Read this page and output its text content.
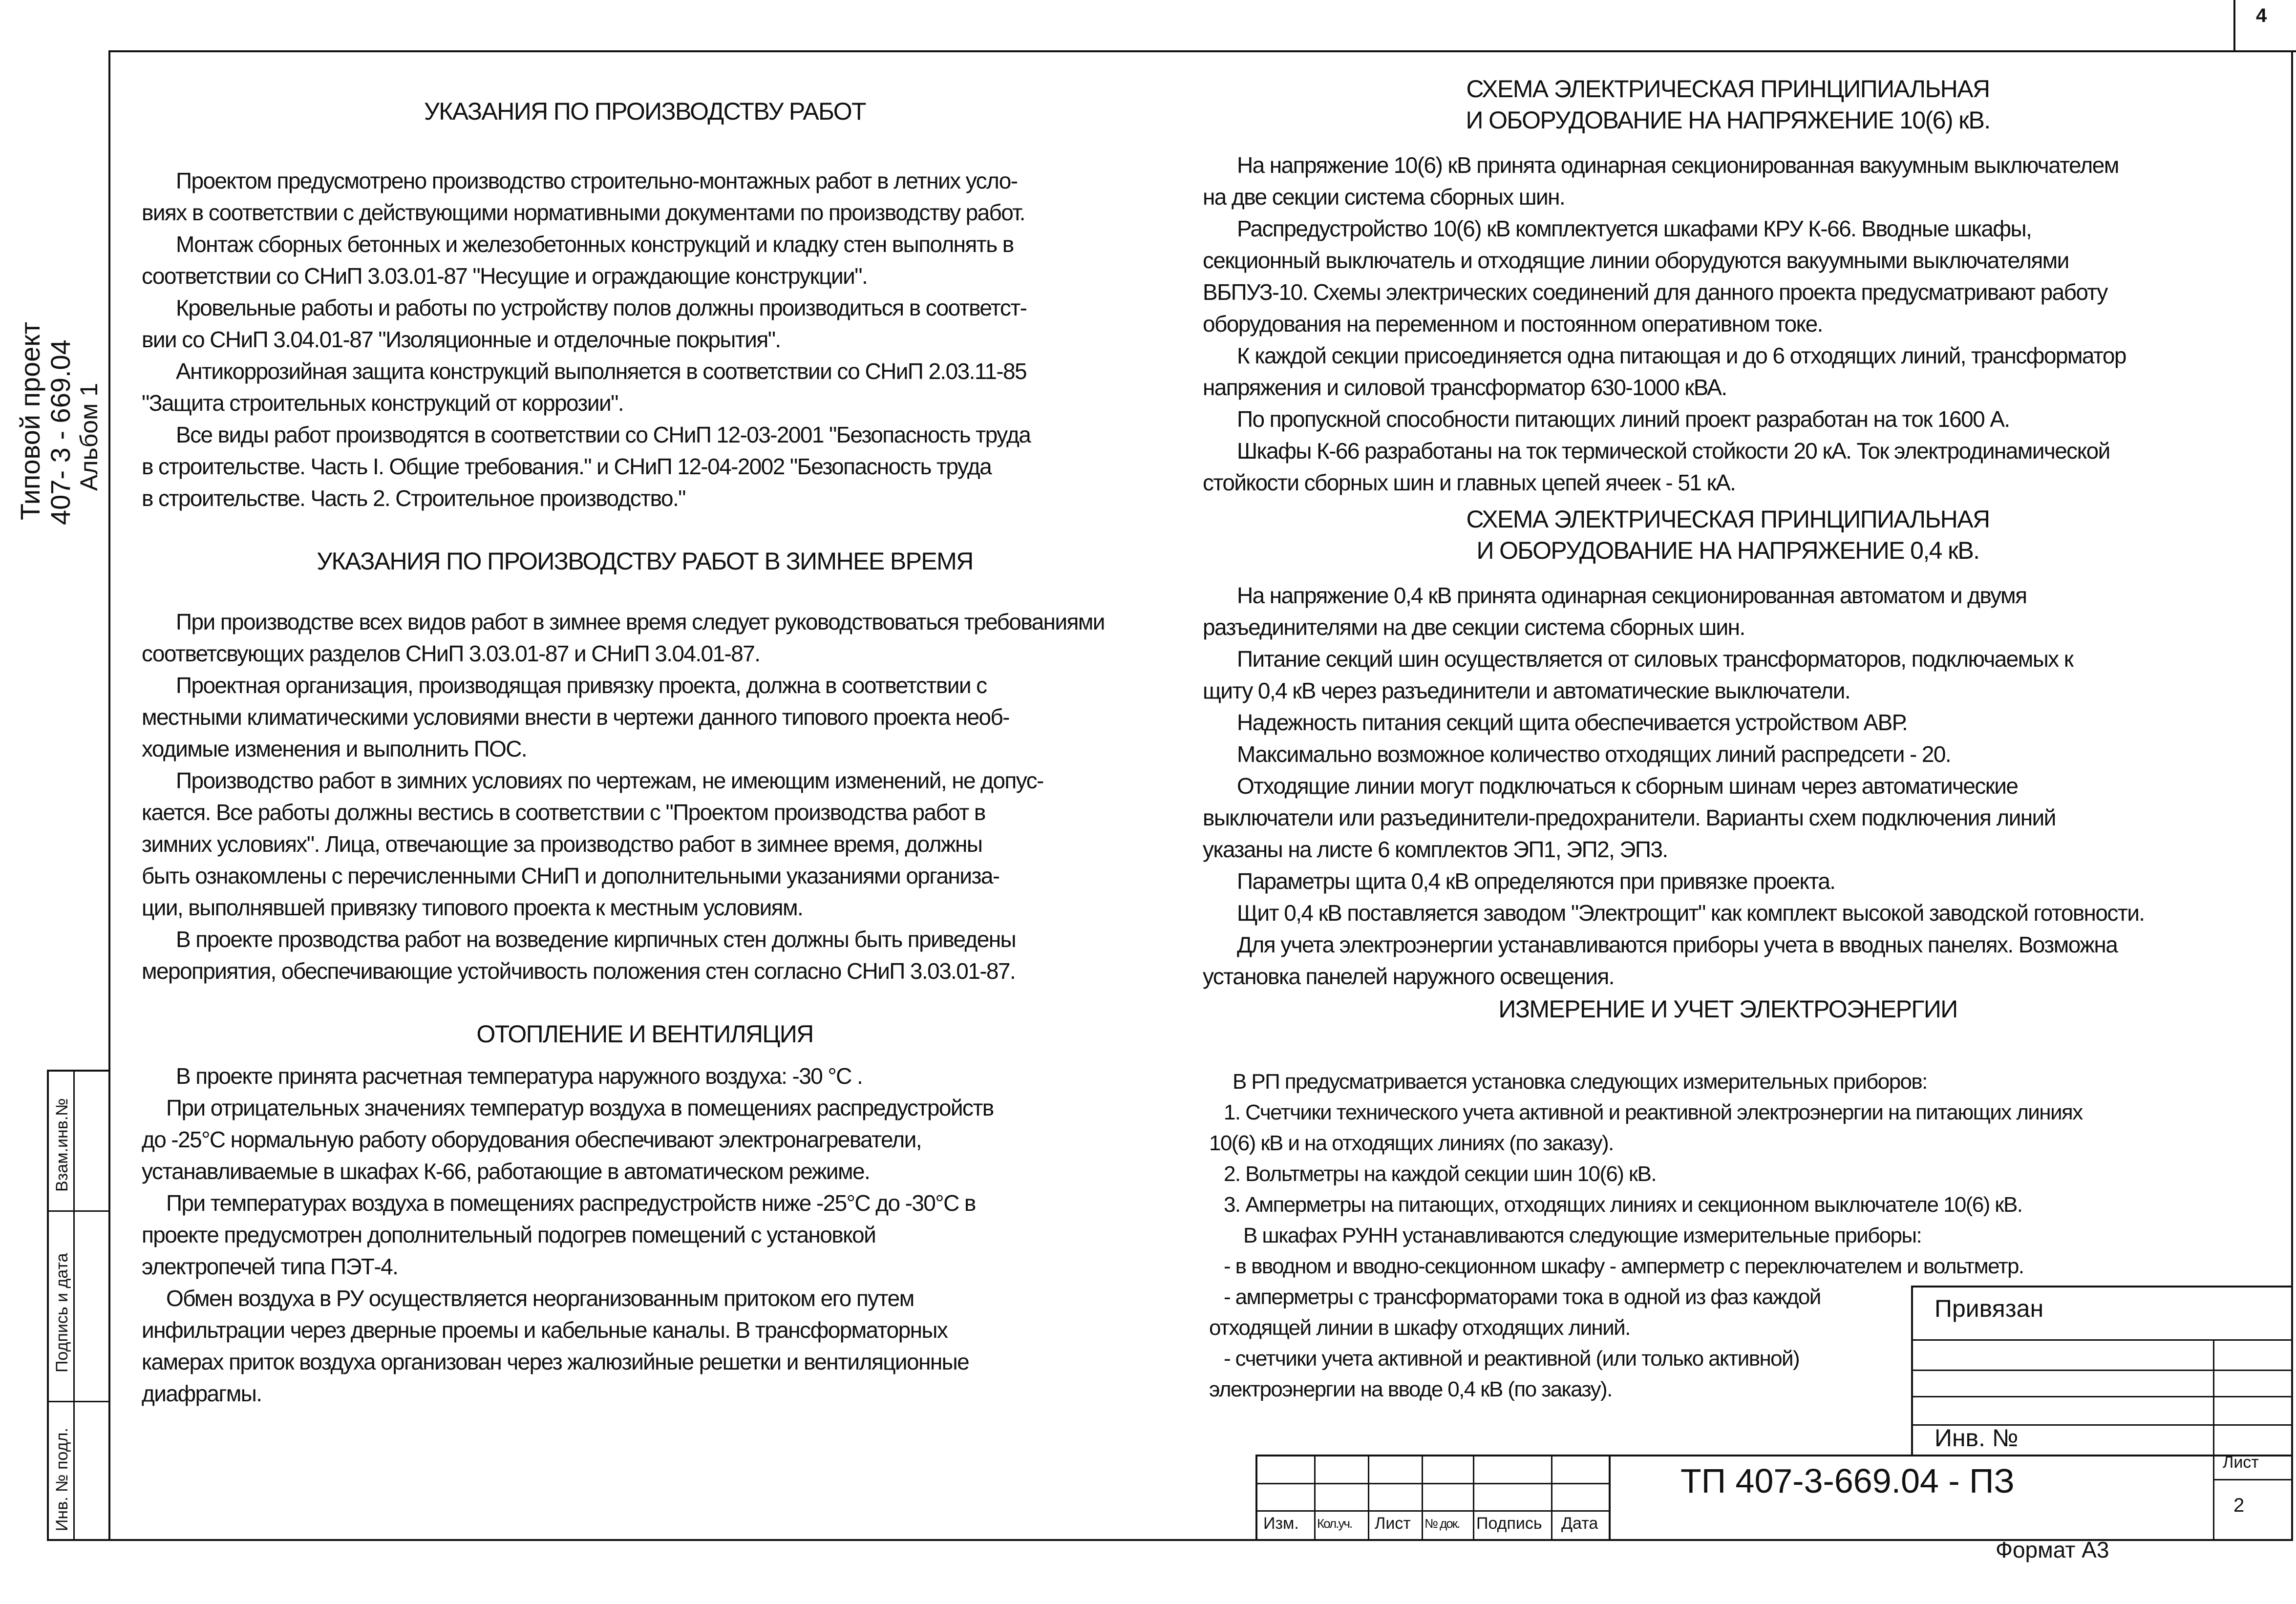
4
Взам.инв.№
Подпись и дата
Инв. № подл.
Типовой проект 407- 3 - 669.04 Альбом 1

УКАЗАНИЯ ПО ПРОИЗВОДСТВУ РАБОТ

Проектом предусмотрено производство строительно-монтажных работ в летних усло-

виях в соответствии с действующими нормативными документами по производству работ.

Монтаж сборных бетонных и железобетонных конструкций и кладку стен выполнять в

соответствии со СНиП 3.03.01-87 "Несущие и ограждающие конструкции".

Кровельные работы и работы по устройству полов должны производиться в соответст-

вии со СНиП 3.04.01-87 "Изоляционные и отделочные покрытия".

Антикоррозийная защита конструкций выполняется в соответствии со СНиП 2.03.11-85

"Защита строительных конструкций от коррозии".

Все виды работ производятся в соответствии со СНиП 12-03-2001 "Безопасность труда

в строительстве. Часть I. Общие требования." и СНиП 12-04-2002 "Безопасность труда

в строительстве. Часть 2. Строительное производство."

УКАЗАНИЯ ПО ПРОИЗВОДСТВУ РАБОТ В ЗИМНЕЕ ВРЕМЯ

При производстве всех видов работ в зимнее время следует руководствоваться требованиями

соответсвующих разделов СНиП 3.03.01-87 и СНиП 3.04.01-87.

Проектная организация, производящая привязку проекта, должна в соответствии с

местными климатическими условиями внести в чертежи данного типового проекта необ-

ходимые изменения и выполнить ПОС.

Производство работ в зимних условиях по чертежам, не имеющим изменений, не допус-

кается. Все работы должны вестись в соответствии с "Проектом производства работ в

зимних условиях". Лица, отвечающие за производство работ в зимнее время, должны

быть ознакомлены с перечисленными СНиП и дополнительными указаниями организа-

ции, выполнявшей привязку типового проекта к местным условиям.

В проекте прозводства работ на возведение кирпичных стен должны быть приведены

мероприятия, обеспечивающие устойчивость положения стен согласно СНиП 3.03.01-87.

ОТОПЛЕНИЕ И ВЕНТИЛЯЦИЯ

В проекте принята расчетная температура наружного воздуха: -30 °С .

При отрицательных значениях температур воздуха в помещениях распредустройств

до -25°С нормальную работу оборудования обеспечивают электронагреватели,

устанавливаемые в шкафах К-66, работающие в автоматическом режиме.

При температурах воздуха в помещениях распредустройств ниже -25°С до -30°С в

проекте предусмотрен дополнительный подогрев помещений с установкой

электропечей типа ПЭТ-4.

Обмен воздуха в РУ осуществляется неорганизованным притоком его путем

инфильтрации через дверные проемы и кабельные каналы. В трансформаторных

камерах приток воздуха организован через жалюзийные решетки и вентиляционные

диафрагмы.

СХЕМА ЭЛЕКТРИЧЕСКАЯ ПРИНЦИПИАЛЬНАЯ

И ОБОРУДОВАНИЕ НА НАПРЯЖЕНИЕ 10(6) кВ.

На напряжение 10(6) кВ принята одинарная секционированная вакуумным выключателем

на две секции система сборных шин.

Распредустройство 10(6) кВ комплектуется шкафами КРУ К-66. Вводные шкафы,

секционный выключатель и отходящие линии оборудуются вакуумными выключателями

ВБПУЗ-10. Схемы электрических соединений для данного проекта предусматривают работу

оборудования на переменном и постоянном оперативном токе.

К каждой секции присоединяется одна питающая и до 6 отходящих линий, трансформатор

напряжения и силовой трансформатор 630-1000 кВА.

По пропускной способности питающих линий проект разработан на ток 1600 А.

Шкафы К-66 разработаны на ток термической стойкости 20 кА. Ток электродинамической

стойкости сборных шин и главных цепей ячеек - 51 кА.

СХЕМА ЭЛЕКТРИЧЕСКАЯ ПРИНЦИПИАЛЬНАЯ

И ОБОРУДОВАНИЕ НА НАПРЯЖЕНИЕ 0,4 кВ.

На напряжение 0,4 кВ принята одинарная секционированная автоматом и двумя

разъединителями на две секции система сборных шин.

Питание секций шин осуществляется от силовых трансформаторов, подключаемых к

щиту 0,4 кВ через разъединители и автоматические выключатели.

Надежность питания секций щита обеспечивается устройством АВР.

Максимально возможное количество отходящих линий распредсети - 20.

Отходящие линии могут подключаться к сборным шинам через автоматические

выключатели или разъединители-предохранители. Варианты схем подключения линий

указаны на листе 6 комплектов ЭП1, ЭП2, ЭП3.

Параметры щита 0,4 кВ определяются при привязке проекта.

Щит 0,4 кВ поставляется заводом "Электрощит" как комплект высокой заводской готовности.

Для учета электроэнергии устанавливаются приборы учета в вводных панелях. Возможна

установка панелей наружного освещения.

ИЗМЕРЕНИЕ И УЧЕТ ЭЛЕКТРОЭНЕРГИИ

В РП предусматривается установка следующих измерительных приборов:

1. Счетчики технического учета активной и реактивной электроэнергии на питающих линиях

10(6) кВ и на отходящих линиях (по заказу).

2. Вольтметры на каждой секции шин 10(6) кВ.

3. Амперметры на питающих, отходящих линиях и секционном выключателе 10(6) кВ.

В шкафах РУНН устанавливаются следующие измерительные приборы:

- в вводном и вводно-секционном шкафу - амперметр с переключателем и вольтметр.

- амперметры с трансформаторами тока в одной из фаз каждой

отходящей линии в шкафу отходящих линий.

- счетчики учета активной и реактивной (или только активной)

электроэнергии на вводе 0,4 кВ (по заказу).

Привязан
Инв. №
Изм. Кол.уч. Лист № док. Подпись Дата
ТП 407-3-669.04 - ПЗ	Лист
2
Формат А3
